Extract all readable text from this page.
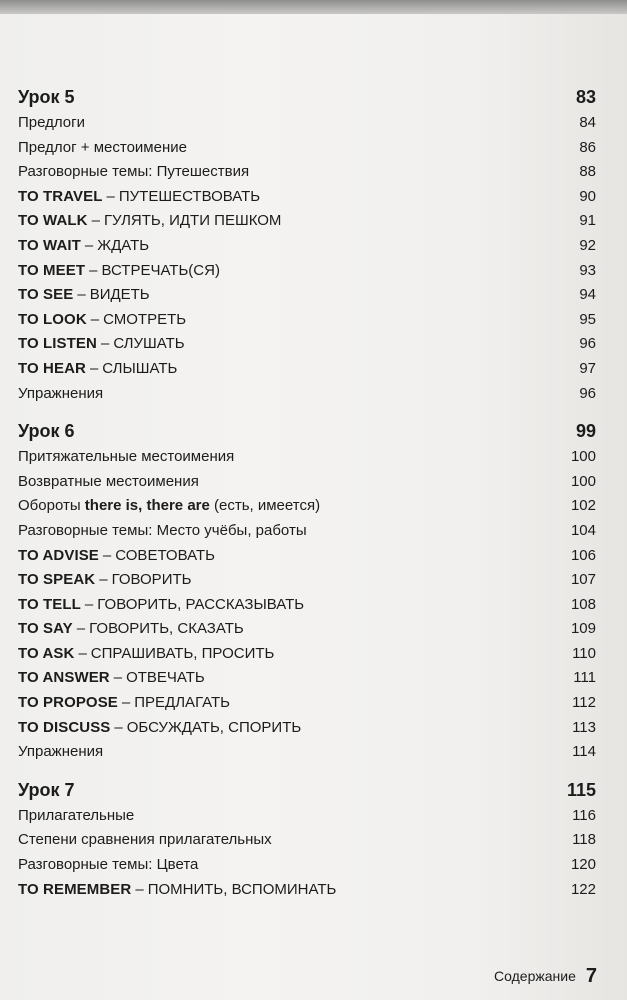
Урок 5	83
Предлоги	84
Предлог + местоимение	86
Разговорные темы: Путешествия	88
TO TRAVEL – ПУТЕШЕСТВОВАТЬ	90
TO WALK – ГУЛЯТЬ, ИДТИ ПЕШКОМ	91
TO WAIT – ЖДАТЬ	92
TO MEET – ВСТРЕЧАТЬ(СЯ)	93
TO SEE – ВИДЕТЬ	94
TO LOOK – СМОТРЕТЬ	95
TO LISTEN – СЛУШАТЬ	96
TO HEAR – СЛЫШАТЬ	97
Упражнения	96
Урок 6	99
Притяжательные местоимения	100
Возвратные местоимения	100
Обороты there is, there are (есть, имеется)	102
Разговорные темы: Место учёбы, работы	104
TO ADVISE – СОВЕТОВАТЬ	106
TO SPEAK – ГОВОРИТЬ	107
TO TELL – ГОВОРИТЬ, РАССКАЗЫВАТЬ	108
TO SAY – ГОВОРИТЬ, СКАЗАТЬ	109
TO ASK – СПРАШИВАТЬ, ПРОСИТЬ	110
TO ANSWER – ОТВЕЧАТЬ	111
TO PROPOSE – ПРЕДЛАГАТЬ	112
TO DISCUSS – ОБСУЖДАТЬ, СПОРИТЬ	113
Упражнения	114
Урок 7	115
Прилагательные	116
Степени сравнения прилагательных	118
Разговорные темы: Цвета	120
TO REMEMBER – ПОМНИТЬ, ВСПОМИНАТЬ	122
Содержание 7
